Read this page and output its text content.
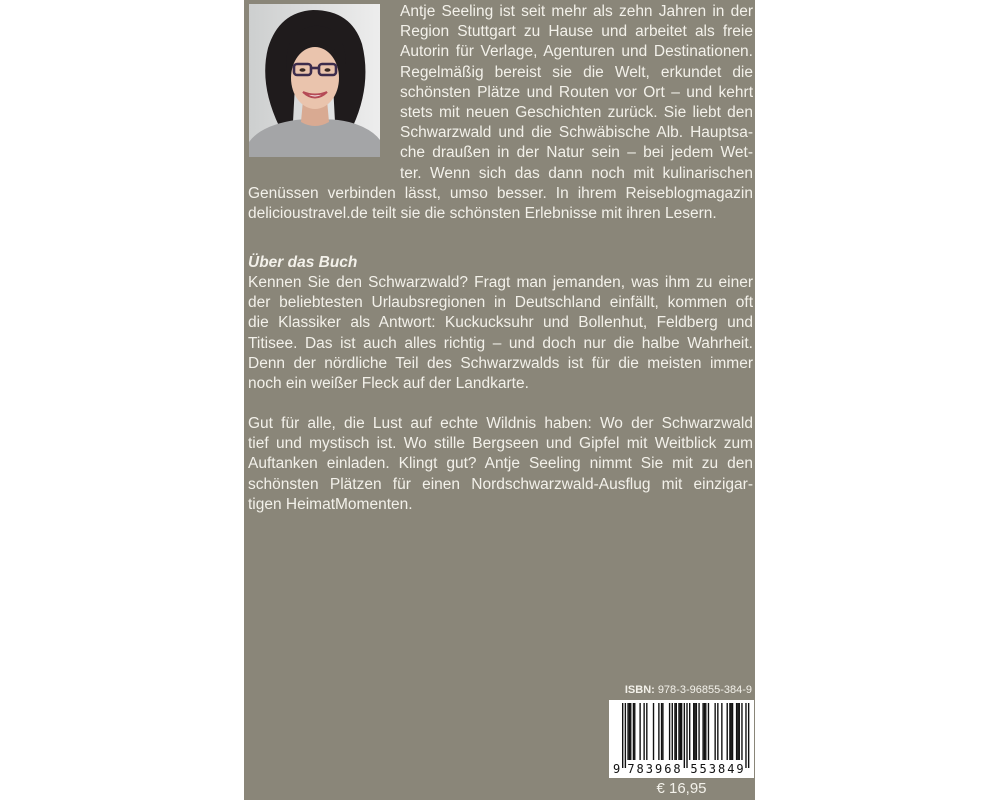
Antje Seeling ist seit mehr als zehn Jahren in der
Region Stuttgart zu Hause und arbeitet als freie
Autorin für Verlage, Agenturen und Destinationen.
Regelmäßig bereist sie die Welt, erkundet die
schönsten Plätze und Routen vor Ort – und kehrt
stets mit neuen Geschichten zurück. Sie liebt den
Schwarzwald und die Schwäbische Alb. Hauptsa-
che draußen in der Natur sein – bei jedem Wet-
ter. Wenn sich das dann noch mit kulinarischen
Genüssen verbinden lässt, umso besser. In ihrem Reiseblogmagazin
delicioustravel.de teilt sie die schönsten Erlebnisse mit ihren Lesern.
Über das Buch
Kennen Sie den Schwarzwald? Fragt man jemanden, was ihm zu einer
der beliebtesten Urlaubsregionen in Deutschland einfällt, kommen oft
die Klassiker als Antwort: Kuckucksuhr und Bollenhut, Feldberg und
Titisee. Das ist auch alles richtig – und doch nur die halbe Wahrheit.
Denn der nördliche Teil des Schwarzwalds ist für die meisten immer
noch ein weißer Fleck auf der Landkarte.
Gut für alle, die Lust auf echte Wildnis haben: Wo der Schwarzwald
tief und mystisch ist. Wo stille Bergseen und Gipfel mit Weitblick zum
Auftanken einladen. Klingt gut? Antje Seeling nimmt Sie mit zu den
schönsten Plätzen für einen Nordschwarzwald-Ausflug mit einzigar-
tigen HeimatMomenten.
ISBN: 978-3-96855-384-9
9 783968 553849
€ 16,95
